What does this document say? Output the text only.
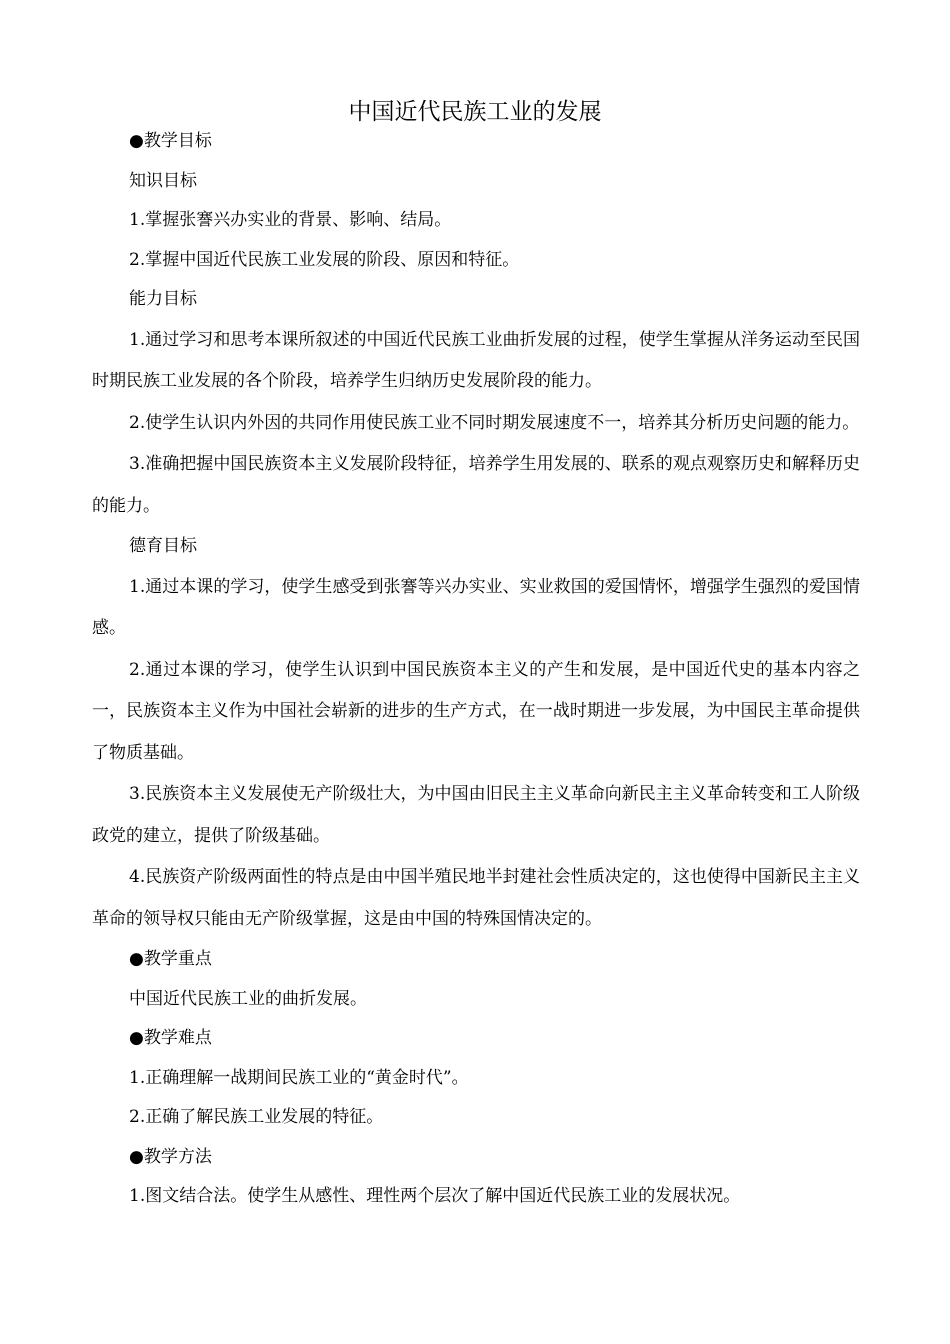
中国近代民族工业的发展
●教学目标
知识目标
1.掌握张謇兴办实业的背景、影响、结局。
2.掌握中国近代民族工业发展的阶段、原因和特征。
能力目标
1.通过学习和思考本课所叙述的中国近代民族工业曲折发展的过程，使学生掌握从洋务运动至民国时期民族工业发展的各个阶段，培养学生归纳历史发展阶段的能力。
2.使学生认识内外因的共同作用使民族工业不同时期发展速度不一，培养其分析历史问题的能力。
3.准确把握中国民族资本主义发展阶段特征，培养学生用发展的、联系的观点观察历史和解释历史的能力。
德育目标
1.通过本课的学习，使学生感受到张謇等兴办实业、实业救国的爱国情怀，增强学生强烈的爱国情感。
2.通过本课的学习，使学生认识到中国民族资本主义的产生和发展，是中国近代史的基本内容之一，民族资本主义作为中国社会崭新的进步的生产方式，在一战时期进一步发展，为中国民主革命提供了物质基础。
3.民族资本主义发展使无产阶级壮大，为中国由旧民主主义革命向新民主主义革命转变和工人阶级政党的建立，提供了阶级基础。
4.民族资产阶级两面性的特点是由中国半殖民地半封建社会性质决定的，这也使得中国新民主主义革命的领导权只能由无产阶级掌握，这是由中国的特殊国情决定的。
●教学重点
中国近代民族工业的曲折发展。
●教学难点
1.正确理解一战期间民族工业的“黄金时代”。
2.正确了解民族工业发展的特征。
●教学方法
1.图文结合法。使学生从感性、理性两个层次了解中国近代民族工业的发展状况。
